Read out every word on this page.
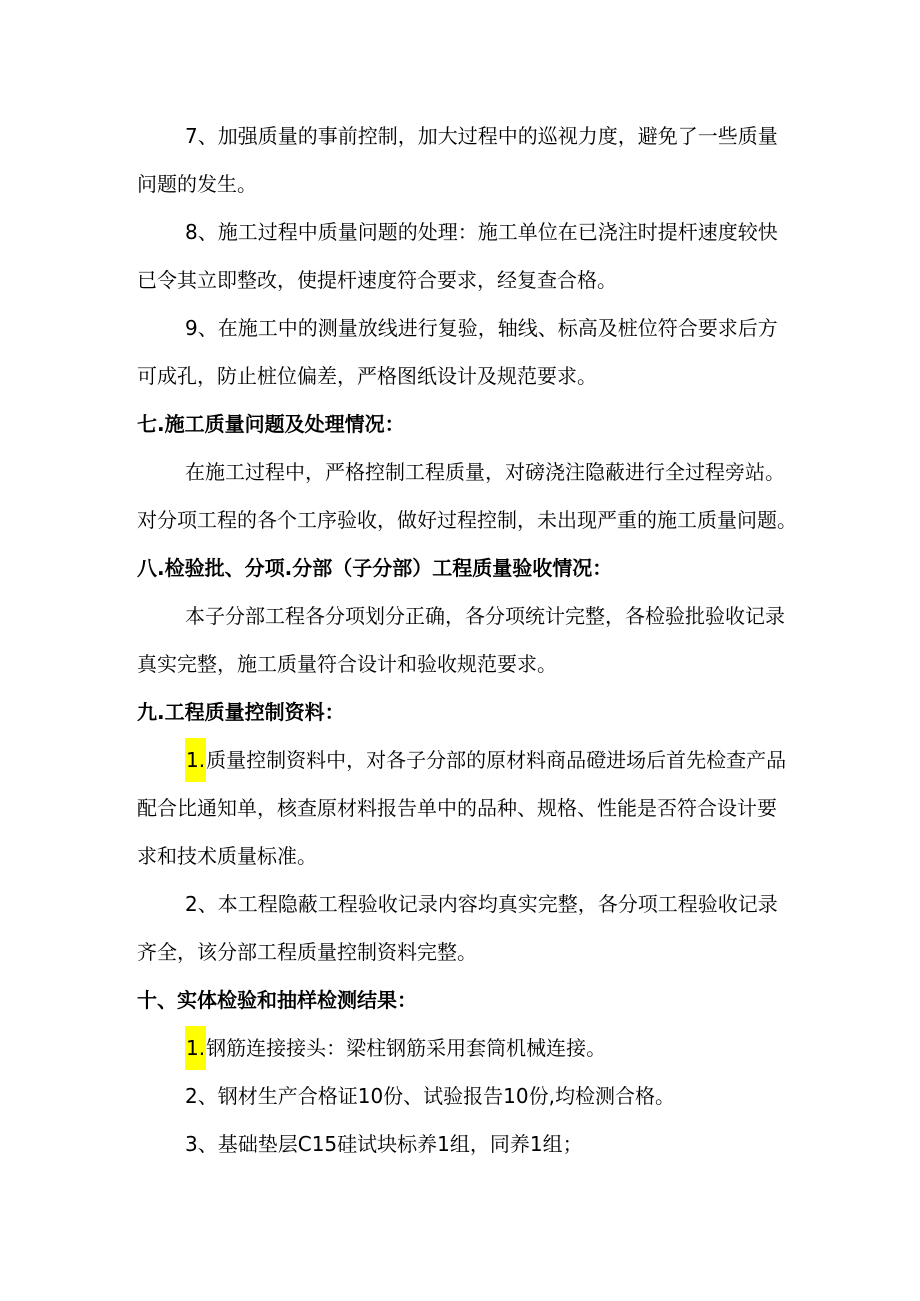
7、加强质量的事前控制，加大过程中的巡视力度，避免了一些质量

问题的发生。

8、施工过程中质量问题的处理：施工单位在已浇注时提杆速度较快

已令其立即整改，使提杆速度符合要求，经复查合格。

9、在施工中的测量放线进行复验，轴线、标高及桩位符合要求后方

可成孔，防止桩位偏差，严格图纸设计及规范要求。

七.施工质量问题及处理情况：

在施工过程中，严格控制工程质量，对磅浇注隐蔽进行全过程旁站。

对分项工程的各个工序验收，做好过程控制，未出现严重的施工质量问题。

八.检验批、分项.分部（子分部）工程质量验收情况：

本子分部工程各分项划分正确，各分项统计完整，各检验批验收记录

真实完整，施工质量符合设计和验收规范要求。

九.工程质量控制资料：

1.质量控制资料中，对各子分部的原材料商品磴进场后首先检查产品

配合比通知单，核查原材料报告单中的品种、规格、性能是否符合设计要

求和技术质量标准。

2、本工程隐蔽工程验收记录内容均真实完整，各分项工程验收记录

齐全，该分部工程质量控制资料完整。

十、实体检验和抽样检测结果：

1.钢筋连接接头：梁柱钢筋采用套筒机械连接。

2、钢材生产合格证10份、试验报告10份,均检测合格。

3、基础垫层C15硅试块标养1组，同养1组；
